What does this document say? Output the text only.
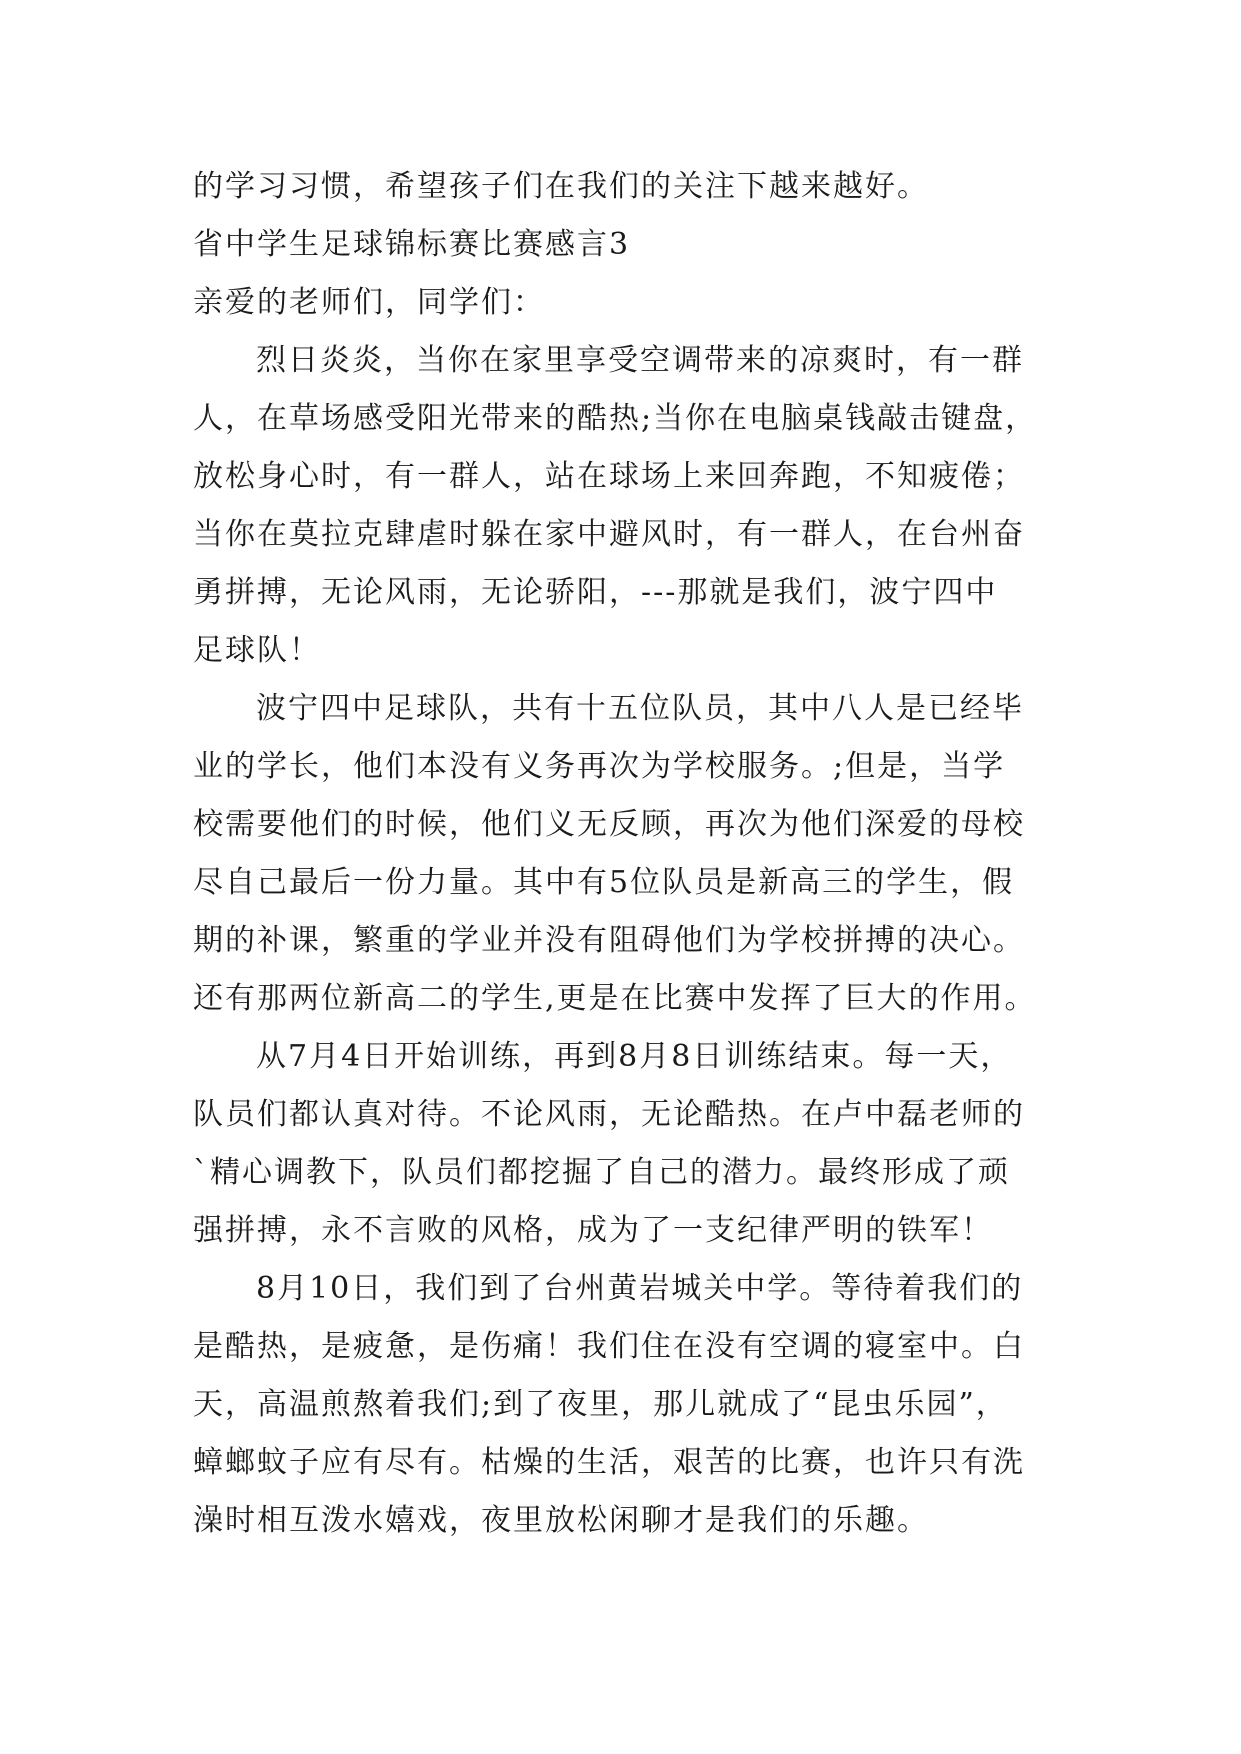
的学习习惯，希望孩子们在我们的关注下越来越好。
省中学生足球锦标赛比赛感言3
亲爱的老师们，同学们：
烈日炎炎，当你在家里享受空调带来的凉爽时，有一群
人，在草场感受阳光带来的酷热;当你在电脑桌钱敲击键盘，
放松身心时，有一群人，站在球场上来回奔跑，不知疲倦；
当你在莫拉克肆虐时躲在家中避风时，有一群人，在台州奋
勇拼搏，无论风雨，无论骄阳，---那就是我们，波宁四中
足球队！
波宁四中足球队，共有十五位队员，其中八人是已经毕
业的学长，他们本没有义务再次为学校服务。;但是，当学
校需要他们的时候，他们义无反顾，再次为他们深爱的母校
尽自己最后一份力量。其中有5位队员是新高三的学生，假
期的补课，繁重的学业并没有阻碍他们为学校拼搏的决心。
还有那两位新高二的学生,更是在比赛中发挥了巨大的作用。
从7月4日开始训练，再到8月8日训练结束。每一天，
队员们都认真对待。不论风雨，无论酷热。在卢中磊老师的
`精心调教下，队员们都挖掘了自己的潜力。最终形成了顽
强拼搏，永不言败的风格，成为了一支纪律严明的铁军！
8月10日，我们到了台州黄岩城关中学。等待着我们的
是酷热，是疲惫，是伤痛！我们住在没有空调的寝室中。白
天，高温煎熬着我们;到了夜里，那儿就成了“昆虫乐园”，
蟑螂蚊子应有尽有。枯燥的生活，艰苦的比赛，也许只有洗
澡时相互泼水嬉戏，夜里放松闲聊才是我们的乐趣。
